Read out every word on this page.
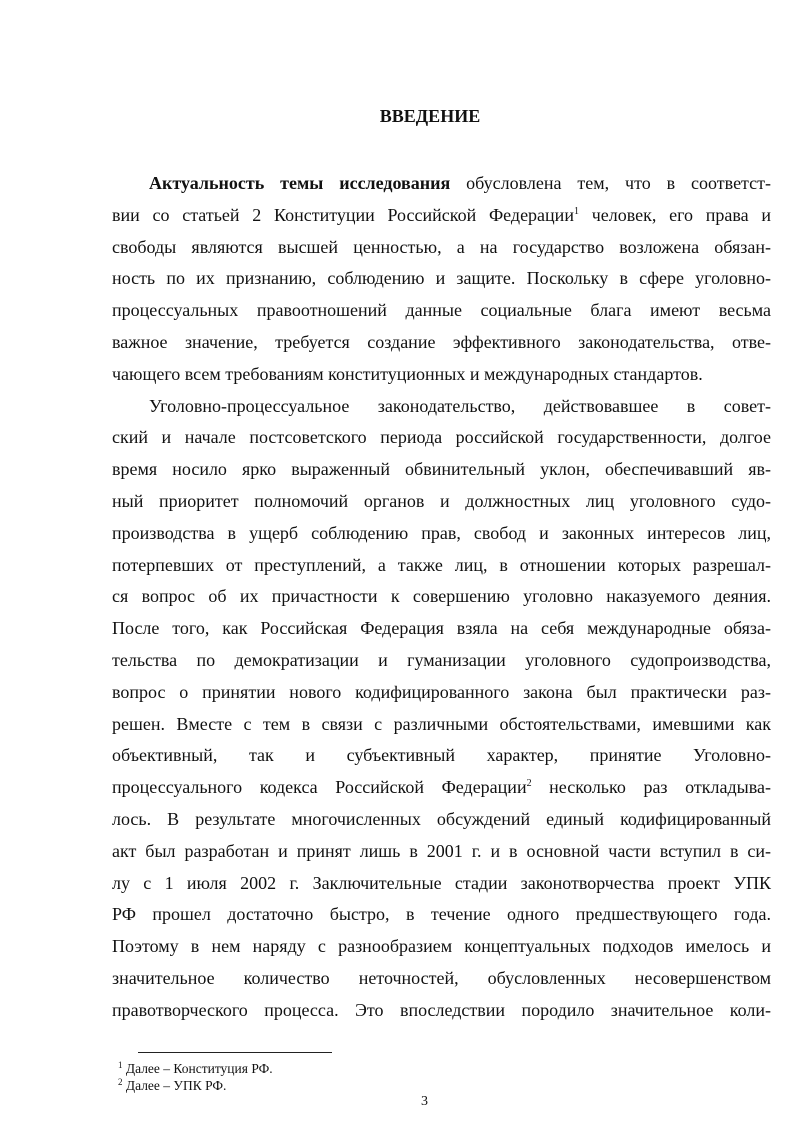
ВВЕДЕНИЕ
Актуальность темы исследования обусловлена тем, что в соответст-
вии со статьей 2 Конституции Российской Федерации$^1$ человек, его права и
свободы являются высшей ценностью, а на государство возложена обязан-
ность по их признанию, соблюдению и защите. Поскольку в сфере уголовно-
процессуальных правоотношений данные социальные блага имеют весьма
важное значение, требуется создание эффективного законодательства, отве-
чающего всем требованиям конституционных и международных стандартов.
Уголовно-процессуальное законодательство, действовавшее в совет-
ский и начале постсоветского периода российской государственности, долгое
время носило ярко выраженный обвинительный уклон, обеспечивавший яв-
ный приоритет полномочий органов и должностных лиц уголовного судо-
производства в ущерб соблюдению прав, свобод и законных интересов лиц,
потерпевших от преступлений, а также лиц, в отношении которых разрешал-
ся вопрос об их причастности к совершению уголовно наказуемого деяния.
После того, как Российская Федерация взяла на себя международные обяза-
тельства по демократизации и гуманизации уголовного судопроизводства,
вопрос о принятии нового кодифицированного закона был практически раз-
решен. Вместе с тем в связи с различными обстоятельствами, имевшими как
объективный, так и субъективный характер, принятие Уголовно-
процессуального кодекса Российской Федерации$^2$ несколько раз откладыва-
лось. В результате многочисленных обсуждений единый кодифицированный
акт был разработан и принят лишь в 2001 г. и в основной части вступил в си-
лу с 1 июля 2002 г. Заключительные стадии законотворчества проект УПК
РФ прошел достаточно быстро, в течение одного предшествующего года.
Поэтому в нем наряду с разнообразием концептуальных подходов имелось и
значительное количество неточностей, обусловленных несовершенством
правотворческого процесса. Это впоследствии породило значительное коли-
$^1$ Далее – Конституция РФ.
$^2$ Далее – УПК РФ.
3
